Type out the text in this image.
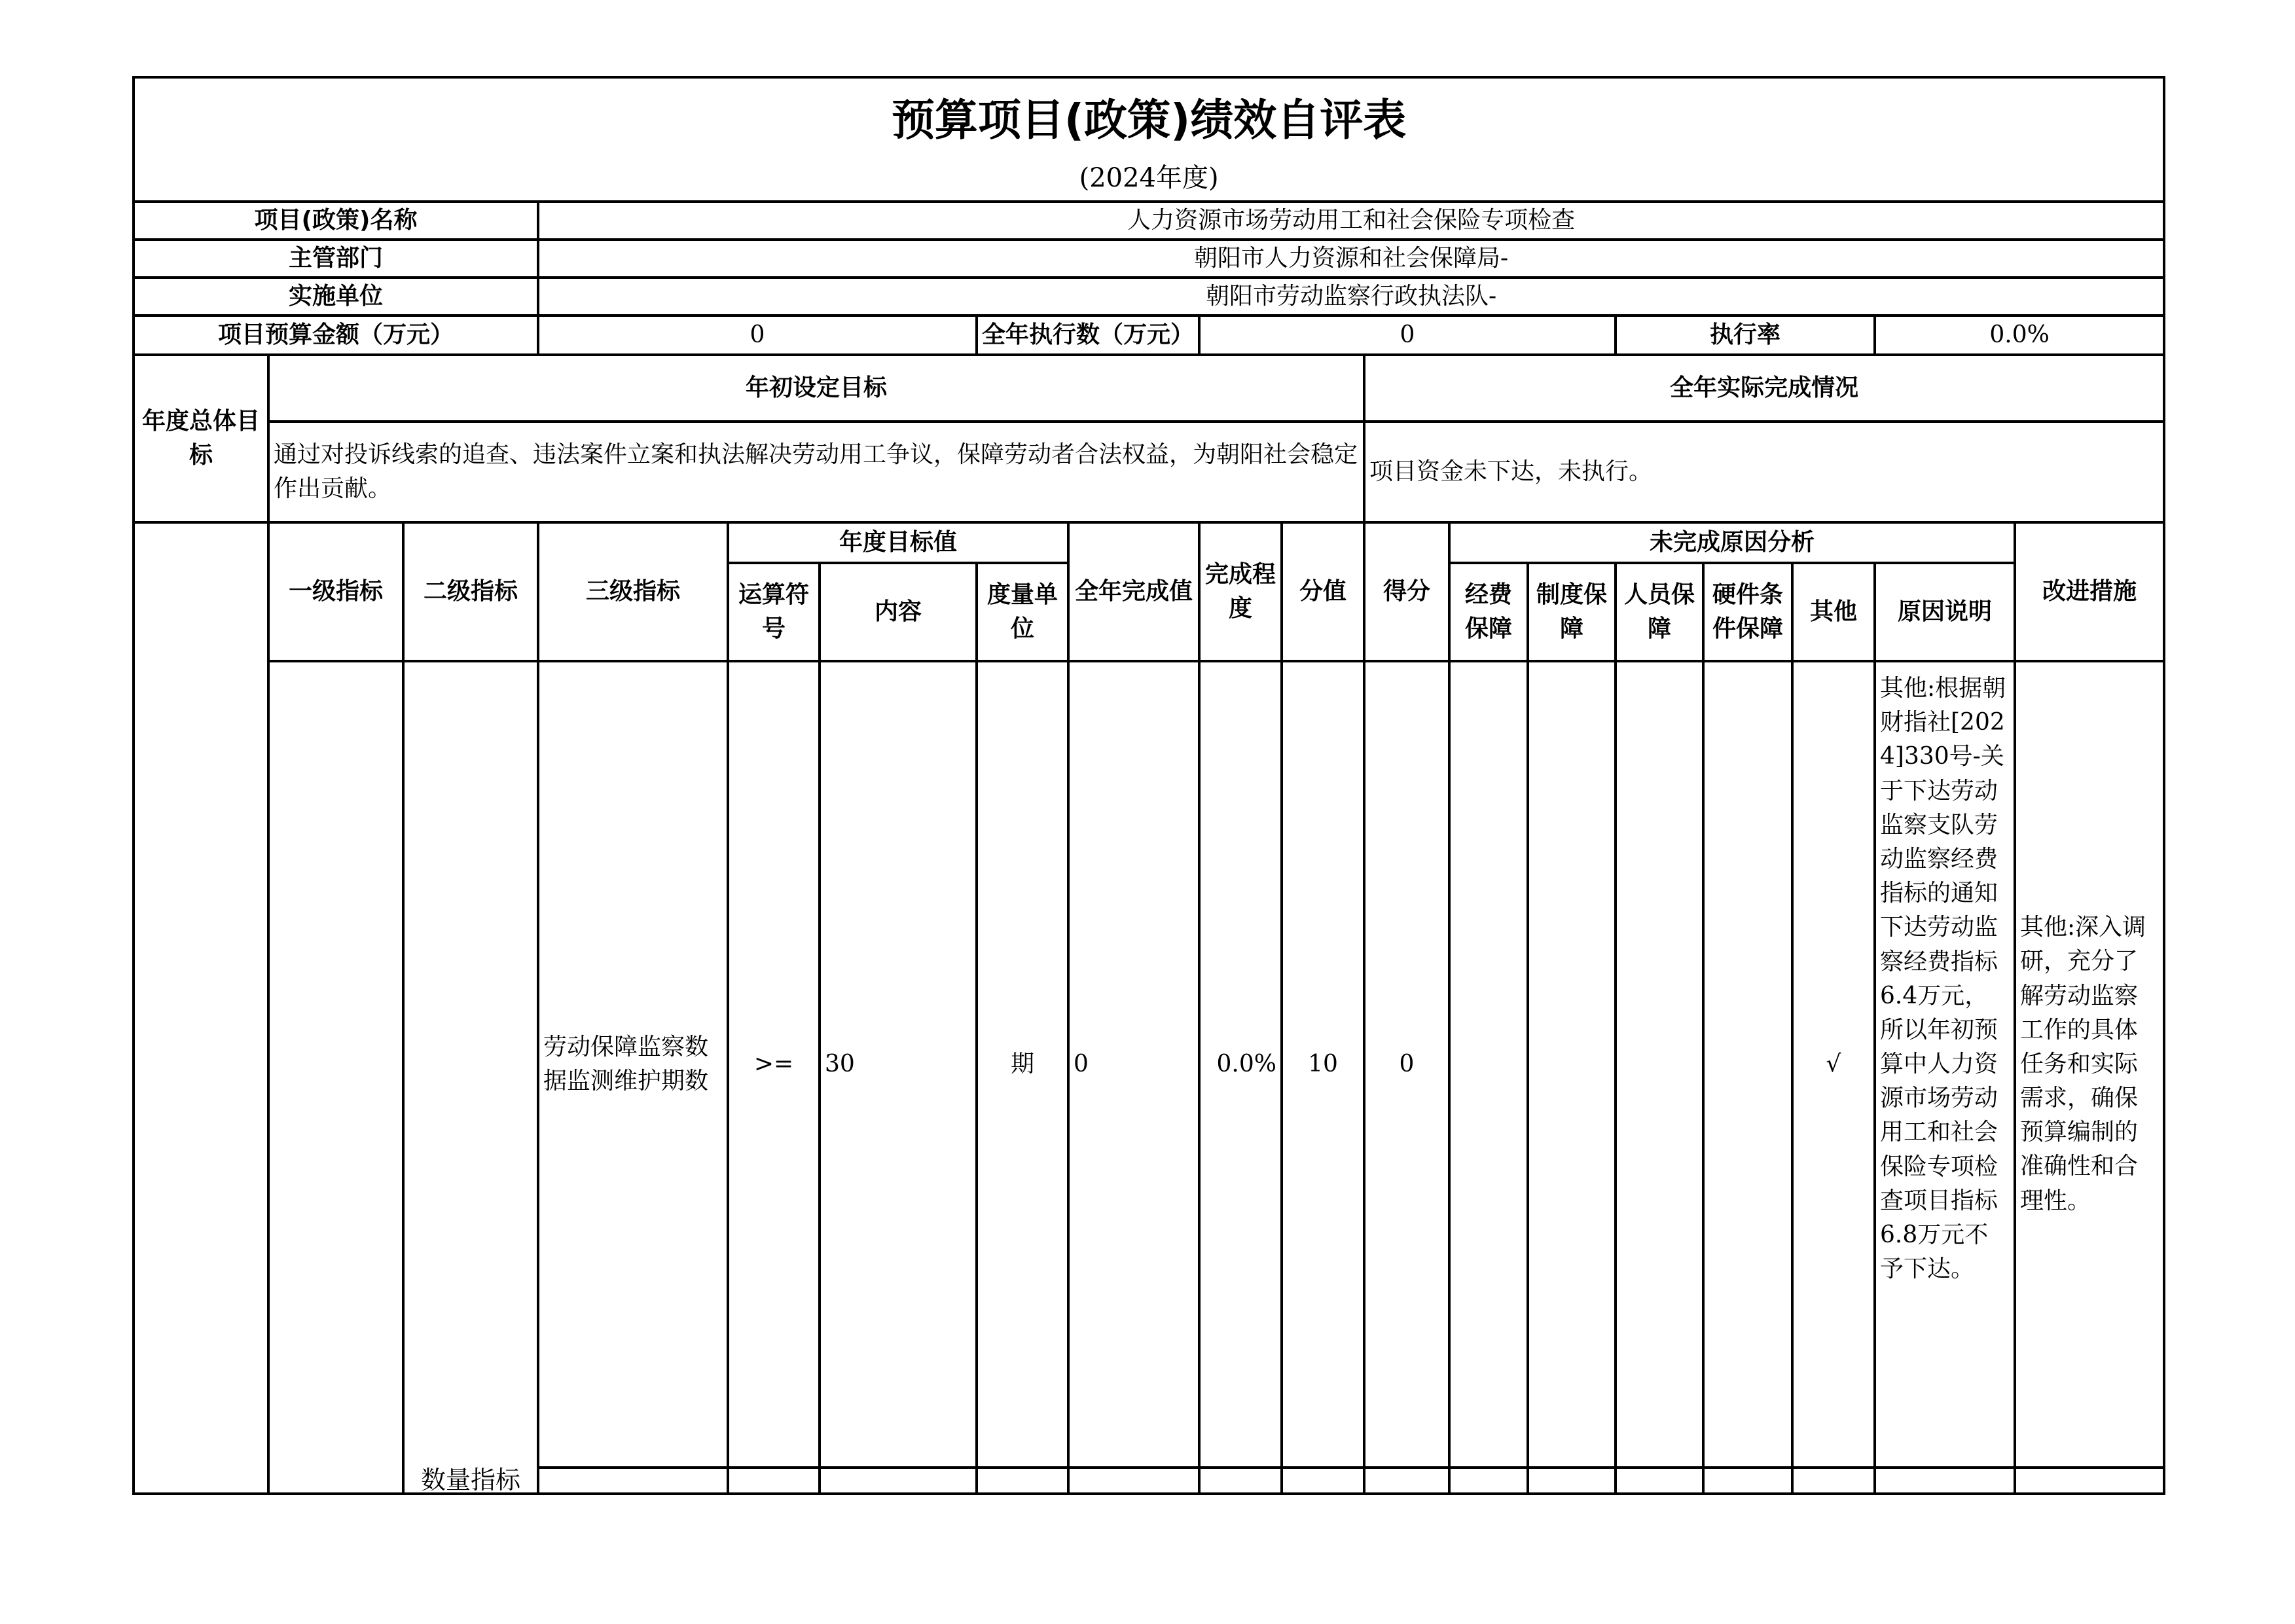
预算项目(政策)绩效自评表																	
(2024年度)																	
项目(政策)名称			人力资源市场劳动用工和社会保险专项检查														
主管部门			朝阳市人力资源和社会保障局-														
实施单位			朝阳市劳动监察行政执法队-														
项目预算金额（万元）			0			全年执行数（万元）		0					执行率			0.0%	
年度总体目标	年初设定目标									全年实际完成情况							
	通过对投诉线索的追查、违法案件立案和执法解决劳动用工争议，保障劳动者合法权益，为朝阳社会稳定作出贡献。									项目资金未下达，未执行。							
	一级指标	二级指标	三级指标	年度目标值			全年完成值	完成程度	分值	得分	未完成原因分析						改进措施
				运算符号	内容	度量单位					经费保障	制度保障	人员保障	硬件条件保障	其他	原因说明	
		数量指标	劳动保障监察数据监测维护期数	>=	30	期	0	0.0%	10	0					√	其他:根据朝财指社[2024]330号-关于下达劳动监察支队劳动监察经费指标的通知下达劳动监察经费指标6.4万元，所以年初预算中人力资源市场劳动用工和社会保险专项检查项目指标6.8万元不予下达。	其他:深入调研，充分了解劳动监察工作的具体任务和实际需求，确保预算编制的准确性和合理性。
